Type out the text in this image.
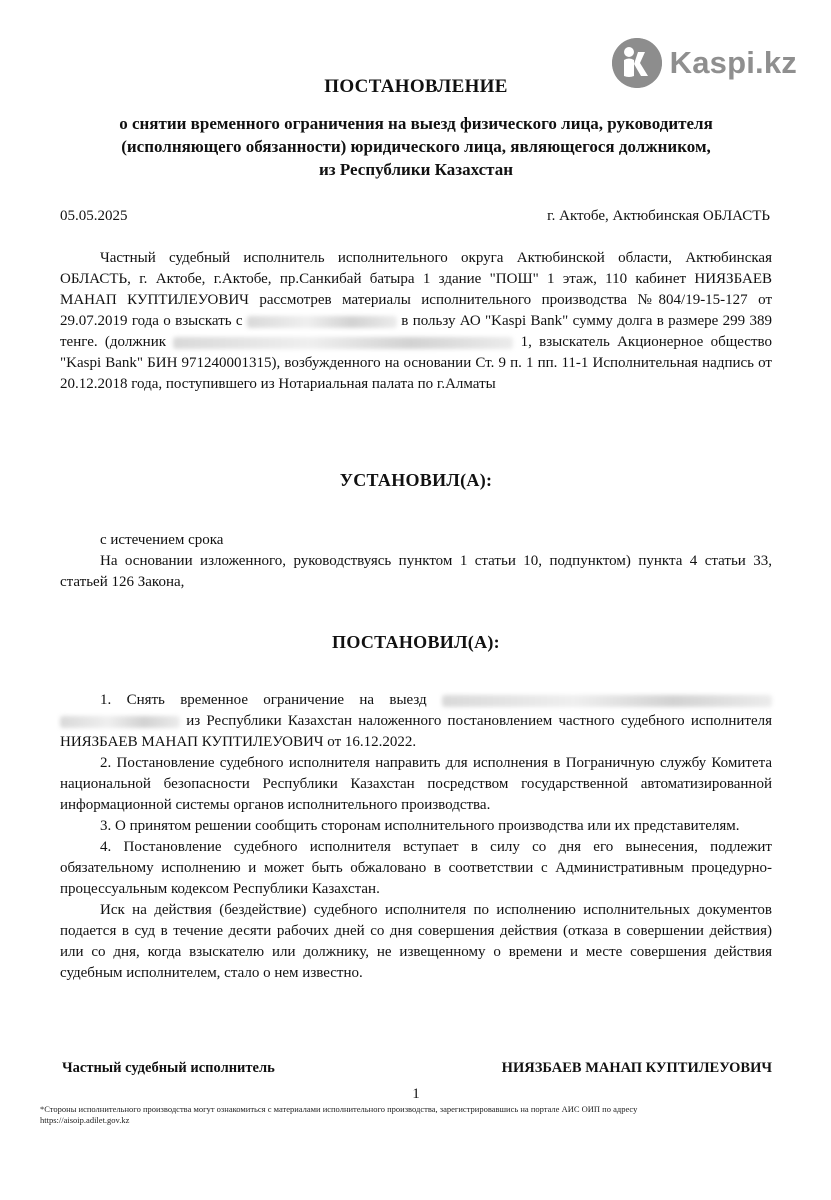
Kaspi.kz
ПОСТАНОВЛЕНИЕ
о снятии временного ограничения на выезд физического лица, руководителя
(исполняющего обязанности) юридического лица, являющегося должником,
из Республики Казахстан
05.05.2025	г. Актобе, Актюбинская ОБЛАСТЬ

Частный судебный исполнитель исполнительного округа Актюбинской области, Актюбинская ОБЛАСТЬ, г. Актобе, г.Актобе, пр.Санкибай батыра 1 здание "ПОШ" 1 этаж, 110 кабинет НИЯЗБАЕВ МАНАП КУПТИЛЕУОВИЧ рассмотрев материалы исполнительного производства №804/19-15-127 от 29.07.2019 года о взыскать с	в пользу АО "Kaspi Bank" сумму долга в размере 299 389 тенге. (должник	1, взыскатель Акционерное общество "Kaspi Bank" БИН 971240001315), возбужденного на основании Ст. 9 п. 1 пп. 11-1 Исполнительная надпись от 20.12.2018 года, поступившего из Нотариальная палата по г.Алматы

УСТАНОВИЛ(А):

с истечением срока

На основании изложенного, руководствуясь пунктом 1 статьи 10, подпунктом) пункта 4 статьи 33, статьей 126 Закона,

ПОСТАНОВИЛ(А):

1. Снять временное ограничение на выезд   из Республики Казахстан наложенного постановлением частного судебного исполнителя НИЯЗБАЕВ МАНАП КУПТИЛЕУОВИЧ от 16.12.2022.

2. Постановление судебного исполнителя направить для исполнения в Пограничную службу Комитета национальной безопасности Республики Казахстан посредством государственной автоматизированной информационной системы органов исполнительного производства.

3. О принятом решении сообщить сторонам исполнительного производства или их представителям.

4. Постановление судебного исполнителя вступает в силу со дня его вынесения, подлежит обязательному исполнению и может быть обжаловано в соответствии с Административным процедурно-процессуальным кодексом Республики Казахстан.

Иск на действия (бездействие) судебного исполнителя по исполнению исполнительных документов подается в суд в течение десяти рабочих дней со дня совершения действия (отказа в совершении действия) или со дня, когда взыскателю или должнику, не извещенному о времени и месте совершения действия судебным исполнителем, стало о нем известно.

Частный судебный исполнитель	НИЯЗБАЕВ МАНАП КУПТИЛЕУОВИЧ
1
*Стороны исполнительного производства могут ознакомиться с материалами исполнительного производства, зарегистрировавшись на портале АИС ОИП по адресу https://aisoip.adilet.gov.kz
